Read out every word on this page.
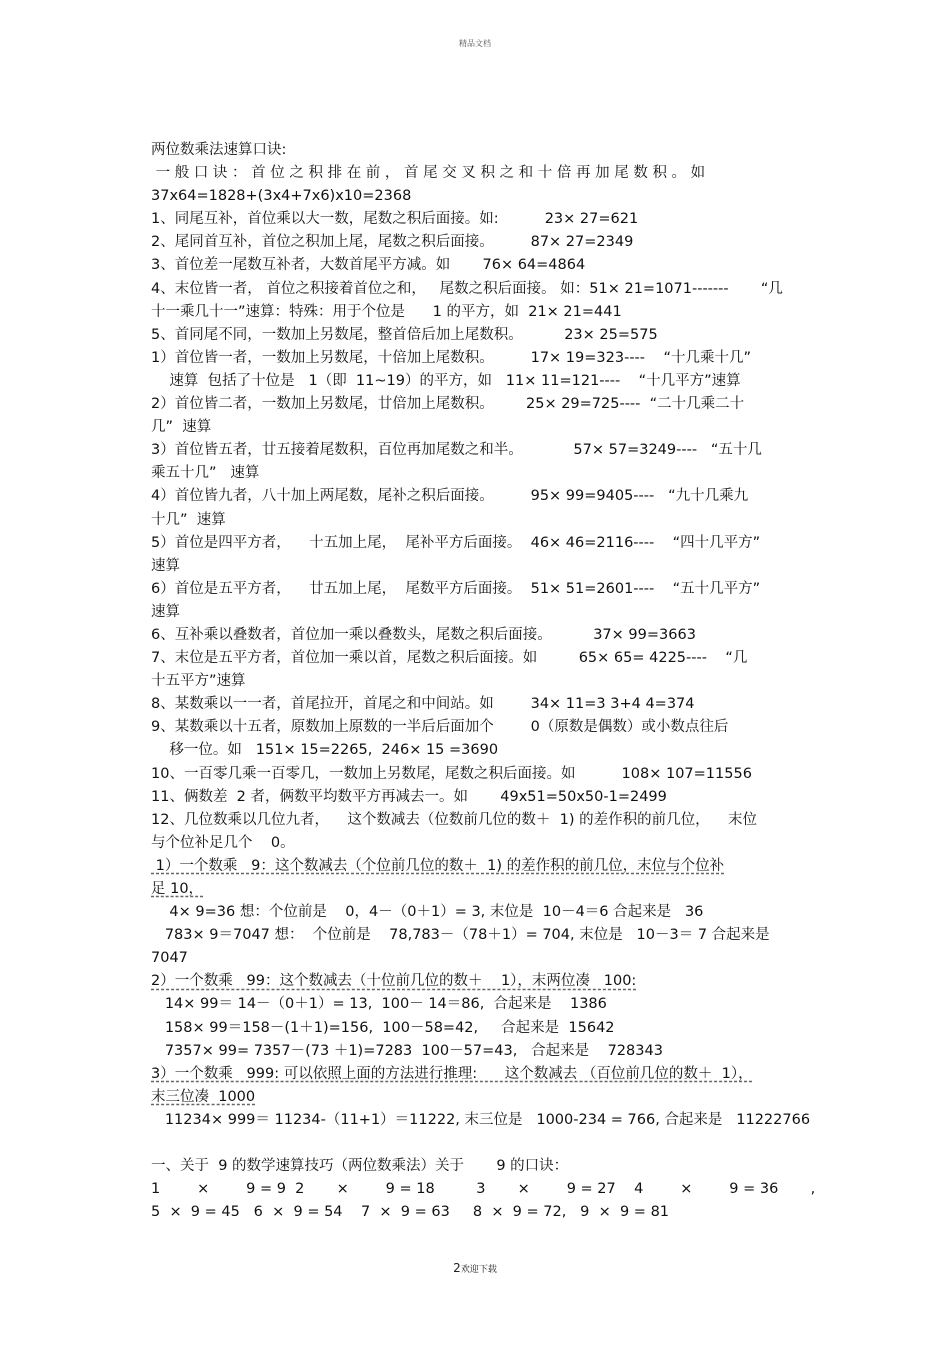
精品文档
两位数乘法速算口诀:
一 般 口 诀 ： 首 位 之 积 排 在 前 ， 首 尾 交 叉 积 之 和 十 倍 再 加 尾 数 积 。 如
37x64=1828+(3x4+7x6)x10=2368
1、同尾互补，首位乘以大一数，尾数之积后面接。如:          23× 27=621
2、尾同首互补，首位之积加上尾，尾数之积后面接。        87× 27=2349
3、首位差一尾数互补者，大数首尾平方减。如       76× 64=4864
4、末位皆一者， 首位之积接着首位之和，   尾数之积后面接。 如：51× 21=1071-------       “几
十一乘几十一”速算：特殊：用于个位是      1 的平方，如  21× 21=441
5、首同尾不同，一数加上另数尾，整首倍后加上尾数积。         23× 25=575
1）首位皆一者，一数加上另数尾，十倍加上尾数积。        17× 19=323----    “十几乘十几”
速算  包括了十位是   1（即  11~19）的平方，如   11× 11=121----    “十几平方”速算
2）首位皆二者，一数加上另数尾，廿倍加上尾数积。       25× 29=725----  “二十几乘二十
几”  速算
3）首位皆五者，廿五接着尾数积，百位再加尾数之和半。           57× 57=3249----   “五十几
乘五十几”   速算
4）首位皆九者，八十加上两尾数，尾补之积后面接。        95× 99=9405----   “九十几乘九
十几”  速算
5）首位是四平方者，    十五加上尾，  尾补平方后面接。  46× 46=2116----    “四十几平方”
速算
6）首位是五平方者，    廿五加上尾，  尾数平方后面接。  51× 51=2601----    “五十几平方”
速算
6、互补乘以叠数者，首位加一乘以叠数头，尾数之积后面接。         37× 99=3663
7、末位是五平方者，首位加一乘以首，尾数之积后面接。如         65× 65= 4225----    “几
十五平方”速算
8、某数乘以一一者，首尾拉开，首尾之和中间站。如        34× 11=3 3+4 4=374
9、某数乘以十五者，原数加上原数的一半后后面加个        0（原数是偶数）或小数点往后
移一位。如   151× 15=2265,  246× 15 =3690
10、一百零几乘一百零几，一数加上另数尾，尾数之积后面接。如          108× 107=11556
11、俩数差  2 者，俩数平均数平方再减去一。如       49x51=50x50-1=2499
12、几位数乘以几位九者，    这个数减去（位数前几位的数＋  1) 的差作积的前几位，    末位
与个位补足几个    0。
1）一个数乘   9：这个数减去（个位前几位的数＋  1) 的差作积的前几位，末位与个位补
足 10，
4× 9=36 想：个位前是    0，4－（0＋1）= 3, 末位是  10－4＝6 合起来是   36
783× 9＝7047 想：  个位前是    78,783－（78＋1）= 704, 末位是   10－3＝ 7 合起来是
7047
2）一个数乘   99：这个数减去（十位前几位的数＋    1），末两位凑   100:
14× 99＝ 14－（0＋1）= 13,  100－ 14＝86,  合起来是    1386
158× 99＝158－(1＋1)=156,  100－58=42,     合起来是  15642
7357× 99= 7357－(73 ＋1)=7283  100－57=43,   合起来是    728343
3）一个数乘   999: 可以依照上面的方法进行推理:      这个数减去 （百位前几位的数＋  1），
末三位凑  1000
11234× 999＝ 11234-（11+1）＝11222, 末三位是   1000-234 = 766, 合起来是   11222766
一、关于  9 的数学速算技巧（两位数乘法）关于       9 的口诀：
1        ×        9 = 9  2       ×        9 = 18         3       ×        9 = 27    4        ×        9 = 36       ,
5  ×  9 = 45   6  ×  9 = 54    7  ×  9 = 63     8  ×  9 = 72,   9  ×  9 = 81
2欢迎下载
